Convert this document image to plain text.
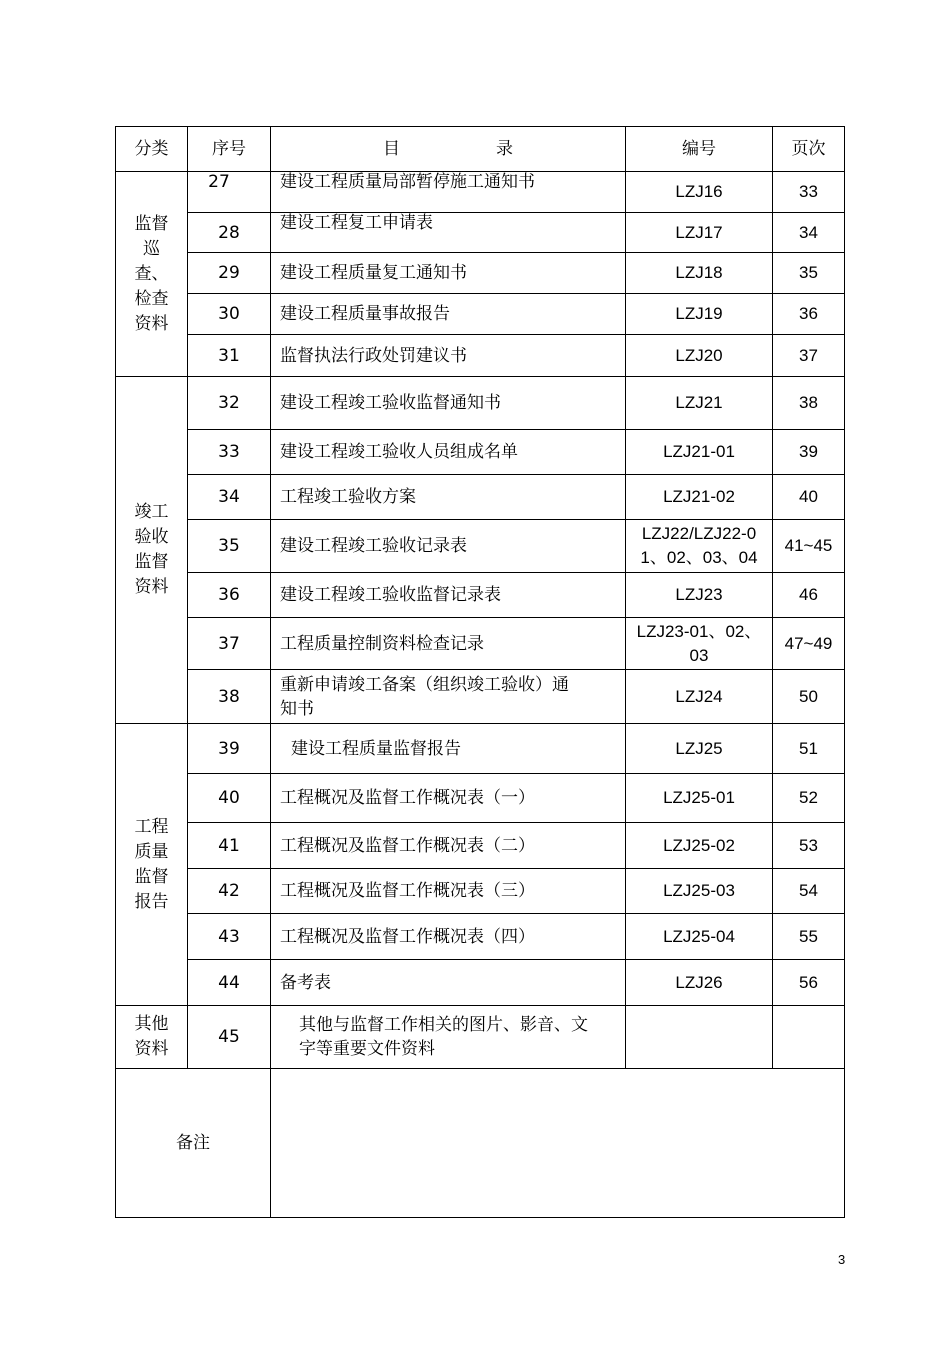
分类	序号	目 录	编号	页次

监督巡查、检查资料	27	建设工程质量局部暂停施工通知书	LZJ16	33
	28	建设工程复工申请表	LZJ17	34
	29	建设工程质量复工通知书	LZJ18	35
	30	建设工程质量事故报告	LZJ19	36
	31	监督执法行政处罚建议书	LZJ20	37

竣工验收监督资料	32	建设工程竣工验收监督通知书	LZJ21	38
	33	建设工程竣工验收人员组成名单	LZJ21-01	39
	34	工程竣工验收方案	LZJ21-02	40
	35	建设工程竣工验收记录表	LZJ22/LZJ22-01、02、03、04	41~45
	36	建设工程竣工验收监督记录表	LZJ23	46
	37	工程质量控制资料检查记录	LZJ23-01、02、03	47~49
	38	重新申请竣工备案（组织竣工验收）通知书	LZJ24	50

工程质量监督报告	39	建设工程质量监督报告	LZJ25	51
	40	工程概况及监督工作概况表（一）	LZJ25-01	52
	41	工程概况及监督工作概况表（二）	LZJ25-02	53
	42	工程概况及监督工作概况表（三）	LZJ25-03	54
	43	工程概况及监督工作概况表（四）	LZJ25-04	55
	44	备考表	LZJ26	56

其他资料	45	其他与监督工作相关的图片、影音、文字等重要文件资料		

备注				
3
